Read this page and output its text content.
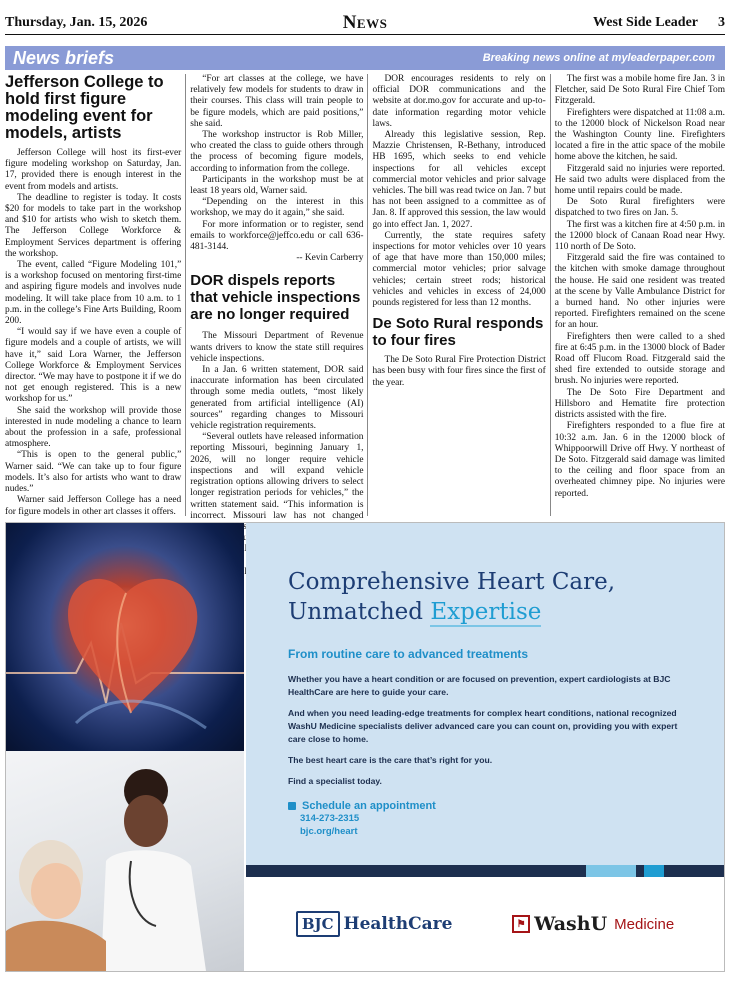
Thursday, Jan. 15, 2026	News	West Side Leader 3
News briefs	Breaking news online at myleaderpaper.com
Jefferson College to hold first figure modeling event for models, artists

Jefferson College will host its first-ever figure modeling workshop on Saturday, Jan. 17, provided there is enough interest in the event from models and artists.

The deadline to register is today. It costs $20 for models to take part in the workshop and $10 for artists who wish to sketch them. The Jefferson College Workforce & Employment Services department is offering the workshop.

The event, called “Figure Modeling 101,” is a workshop focused on mentoring first-time and aspiring figure models and involves nude modeling. It will take place from 10 a.m. to 1 p.m. in the college’s Fine Arts Building, Room 200.

“I would say if we have even a couple of figure models and a couple of artists, we will have it,” said Lora Warner, the Jefferson College Workforce & Employment Services director. “We may have to postpone it if we do not get enough registered. This is a new workshop for us.”

She said the workshop will provide those interested in nude modeling a chance to learn about the profession in a safe, professional atmosphere.

“This is open to the general public,” Warner said. “We can take up to four figure models. It’s also for artists who want to draw nudes.”

Warner said Jefferson College has a need for figure models in other art classes it offers.

“For art classes at the college, we have relatively few models for students to draw in their courses. This class will train people to be figure models, which are paid positions,” she said.

The workshop instructor is Rob Miller, who created the class to guide others through the process of becoming figure models, according to information from the college.

Participants in the workshop must be at least 18 years old, Warner said.

“Depending on the interest in this workshop, we may do it again,” she said.

For more information or to register, send emails to workforce@jeffco.edu or call 636-481-3144.

-- Kevin Carberry

DOR dispels reports that vehicle inspections are no longer required

The Missouri Department of Revenue wants drivers to know the state still requires vehicle inspections.

In a Jan. 6 written statement, DOR said inaccurate information has been circulated through some media outlets, “most likely generated from artificial intelligence (AI) sources” regarding changes to Missouri vehicle registration requirements.

“Several outlets have released information reporting Missouri, beginning January 1, 2026, will no longer require vehicle inspections and will expand vehicle registration options allowing drivers to select longer registration periods for vehicles,” the written statement said. “This information is incorrect. Missouri law has not changed

DOR encourages residents to rely on official DOR communications and the website at dor.mo.gov for accurate and up-to-date information regarding motor vehicle laws.

Already this legislative session, Rep. Mazzie Christensen, R-Bethany, introduced HB 1695, which seeks to end vehicle inspections for all vehicles except commercial motor vehicles and prior salvage vehicles. The bill was read twice on Jan. 7 but has not been assigned to a committee as of Jan. 8. If approved this session, the law would go into effect Jan. 1, 2027.

Currently, the state requires safety inspections for motor vehicles over 10 years of age that have more than 150,000 miles; commercial motor vehicles; prior salvage vehicles; certain street rods; historical vehicles and vehicles in excess of 24,000 pounds registered for less than 12 months.

De Soto Rural responds to four fires

The De Soto Rural Fire Protection District has been busy with four fires since the first of the year.

The first was a mobile home fire Jan. 3 in Fletcher, said De Soto Rural Fire Chief Tom Fitzgerald.

Firefighters were dispatched at 11:08 a.m. to the 12000 block of Nickelson Road near the Washington County line. Firefighters located a fire in the attic space of the mobile home above the kitchen, he said.

Fitzgerald said no injuries were reported. He said two adults were displaced from the home until repairs could be made.

De Soto Rural firefighters were dispatched to two fires on Jan. 5.

The first was a kitchen fire at 4:50 p.m. in the 12000 block of Canaan Road near Hwy. 110 north of De Soto.

Fitzgerald said the fire was contained to the kitchen with smoke damage throughout the house. He said one resident was treated at the scene by Valle Ambulance District for a burned hand. No other injuries were reported. Firefighters remained on the scene for an hour.

Firefighters then were called to a shed fire at 6:45 p.m. in the 13000 block of Bader Road off Flucom Road. Fitzgerald said the shed fire extended to outside storage and brush. No injuries were reported.

The De Soto Fire Department and Hillsboro and Hematite fire protection districts assisted with the fire.

Firefighters responded to a flue fire at 10:32 a.m. Jan. 6 in the 12000 block of Whippoorwill Drive off Hwy. Y northeast of De Soto. Fitzgerald said damage was limited to the ceiling and floor space from an overheated chimney pipe. No injuries were reported.

Comprehensive Heart Care,
Unmatched Expertise
From routine care to advanced treatments

Whether you have a heart condition or are focused on prevention, expert cardiologists at BJC HealthCare are here to guide your care.

And when you need leading-edge treatments for complex heart conditions, national recognized WashU Medicine specialists deliver advanced care you can count on, providing you with expert care close to home.

The best heart care is the care that’s right for you.

Find a specialist today.

Schedule an appointment
314-273-2315
bjc.org/heart
BJC HealthCare	⚑ WashU Medicine
